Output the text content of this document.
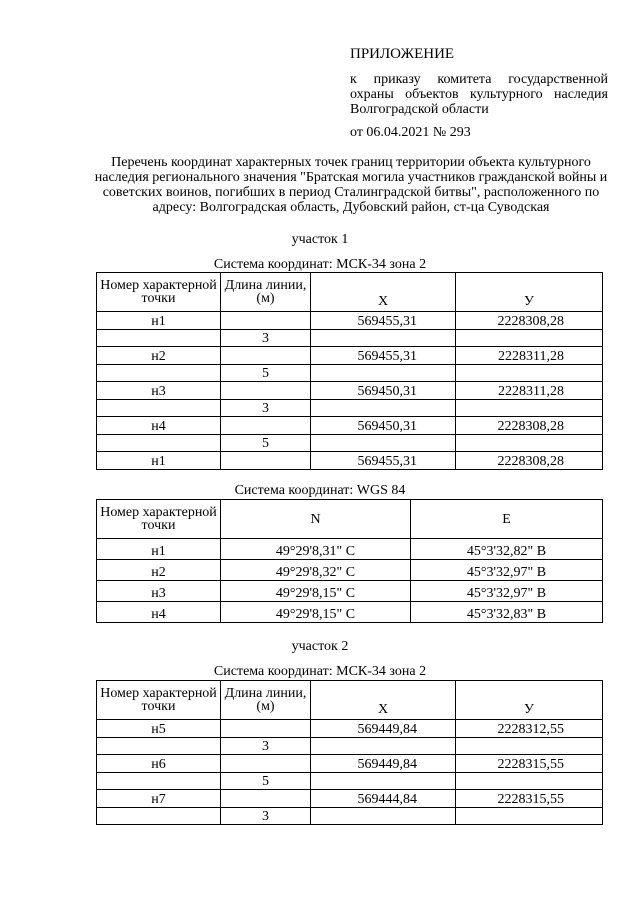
ПРИЛОЖЕНИЕ
к приказу комитета государственной охраны объектов культурного наследия Волгоградской области
от 06.04.2021 № 293
Перечень координат характерных точек границ территории объекта культурного наследия регионального значения "Братская могила участников гражданской войны и советских воинов, погибших в период Сталинградской битвы", расположенного по адресу: Волгоградская область, Дубовский район, ст-ца Суводская
участок 1
Система координат: МСК-34 зона 2
Номер характерной точки	Длина линии, (м)	X	У
н1		569455,31	2228308,28
	3		
н2		569455,31	2228311,28
	5		
н3		569450,31	2228311,28
	3		
н4		569450,31	2228308,28
	5		
н1		569455,31	2228308,28
Система координат: WGS 84
Номер характерной точки	N	E
н1	49°29'8,31" С	45°3'32,82" В
н2	49°29'8,32" С	45°3'32,97" В
н3	49°29'8,15" С	45°3'32,97" В
н4	49°29'8,15" С	45°3'32,83" В
участок 2
Система координат: МСК-34 зона 2
Номер характерной точки	Длина линии, (м)	X	У
н5		569449,84	2228312,55
	3		
н6		569449,84	2228315,55
	5		
н7		569444,84	2228315,55
	3		
